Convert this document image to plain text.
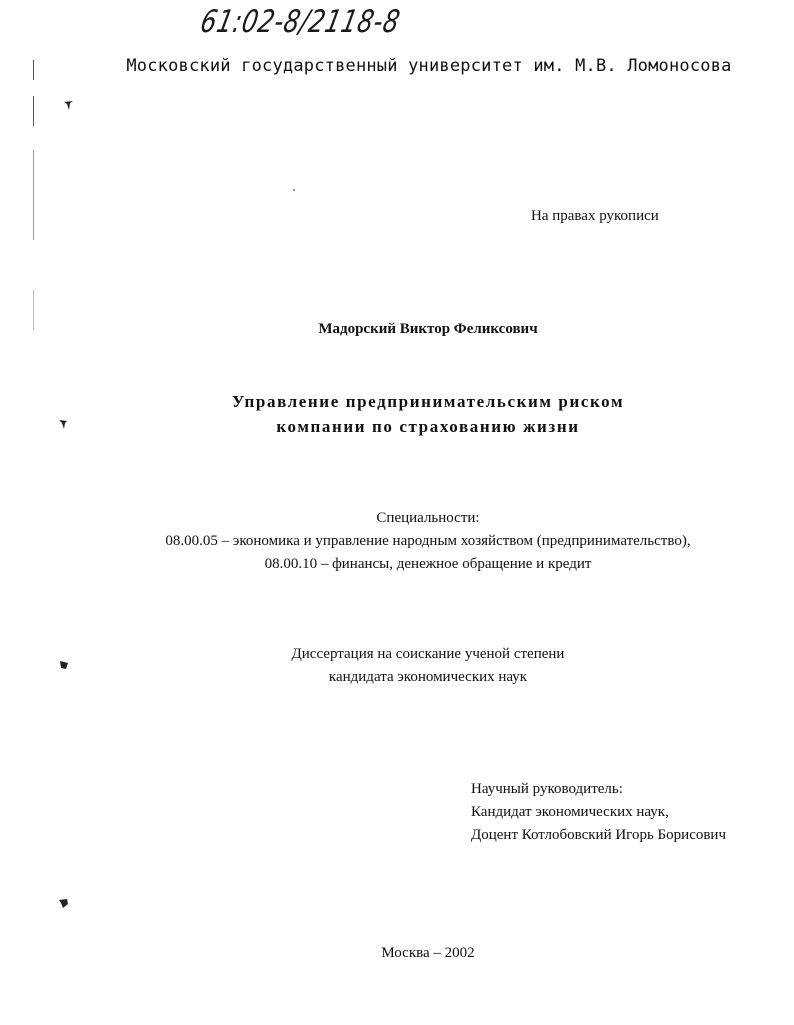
61:02-8/2118-8
Московский государственный университет им. М.В. Ломоносова
На правах рукописи
Мадорский Виктор Феликсович
Управление предпринимательским риском
компании по страхованию жизни
Специальности:
08.00.05 – экономика и управление народным хозяйством (предпринимательство),
08.00.10 – финансы, денежное обращение и кредит
Диссертация на соискание ученой степени
кандидата экономических наук
Научный руководитель:
Кандидат экономических наук,
Доцент Котлобовский Игорь Борисович
Москва – 2002
